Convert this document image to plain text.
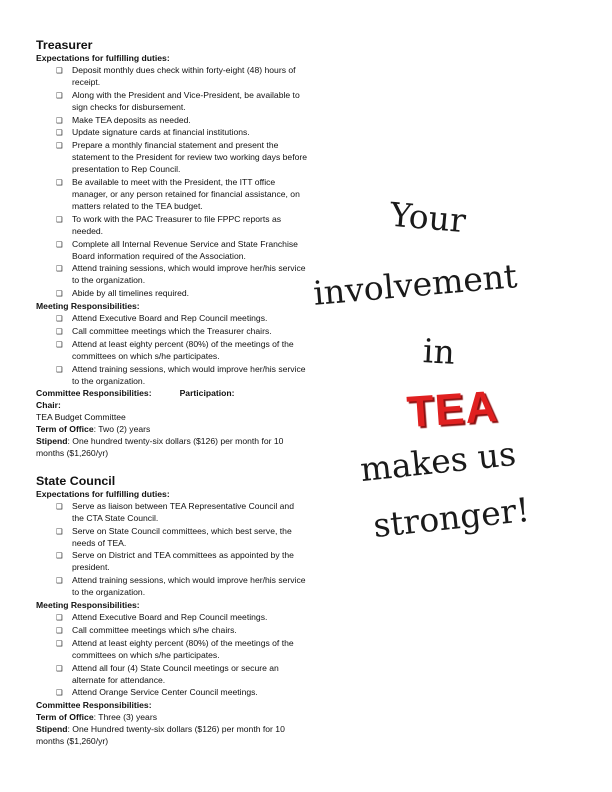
Treasurer
Expectations for fulfilling duties:
❑ Deposit monthly dues check within forty-eight (48) hours of receipt.
❑ Along with the President and Vice-President, be available to sign checks for disbursement.
❑ Make TEA deposits as needed.
❑ Update signature cards at financial institutions.
❑ Prepare a monthly financial statement and present the statement to the President for review two working days before presentation to Rep Council.
❑ Be available to meet with the President, the ITT office manager, or any person retained for financial assistance, on matters related to the TEA budget.
❑ To work with the PAC Treasurer to file FPPC reports as needed.
❑ Complete all Internal Revenue Service and State Franchise Board information required of the Association.
❑ Attend training sessions, which would improve her/his service to the organization.
❑ Abide by all timelines required.
Meeting Responsibilities:
❑ Attend Executive Board and Rep Council meetings.
❑ Call committee meetings which the Treasurer chairs.
❑ Attend at least eighty percent (80%) of the meetings of the committees on which s/he participates.
❑ Attend training sessions, which would improve her/his service to the organization.
Committee Responsibilities:	Participation:
Chair:
TEA Budget Committee
Term of Office: Two (2) years
Stipend: One hundred twenty-six dollars ($126) per month for 10 months ($1,260/yr)
State Council
Expectations for fulfilling duties:
❑ Serve as liaison between TEA Representative Council and the CTA State Council.
❑ Serve on State Council committees, which best serve, the needs of TEA.
❑ Serve on District and TEA committees as appointed by the president.
❑ Attend training sessions, which would improve her/his service to the organization.
Meeting Responsibilities:
❑ Attend Executive Board and Rep Council meetings.
❑ Call committee meetings which s/he chairs.
❑ Attend at least eighty percent (80%) of the meetings of the committees on which s/he participates.
❑ Attend all four (4) State Council meetings or secure an alternate for attendance.
❑ Attend Orange Service Center Council meetings.
Committee Responsibilities:
Term of Office: Three (3) years
Stipend: One Hundred twenty-six dollars ($126) per month for 10 months ($1,260/yr)
Your
involvement
in
TEA
makes us
stronger!
